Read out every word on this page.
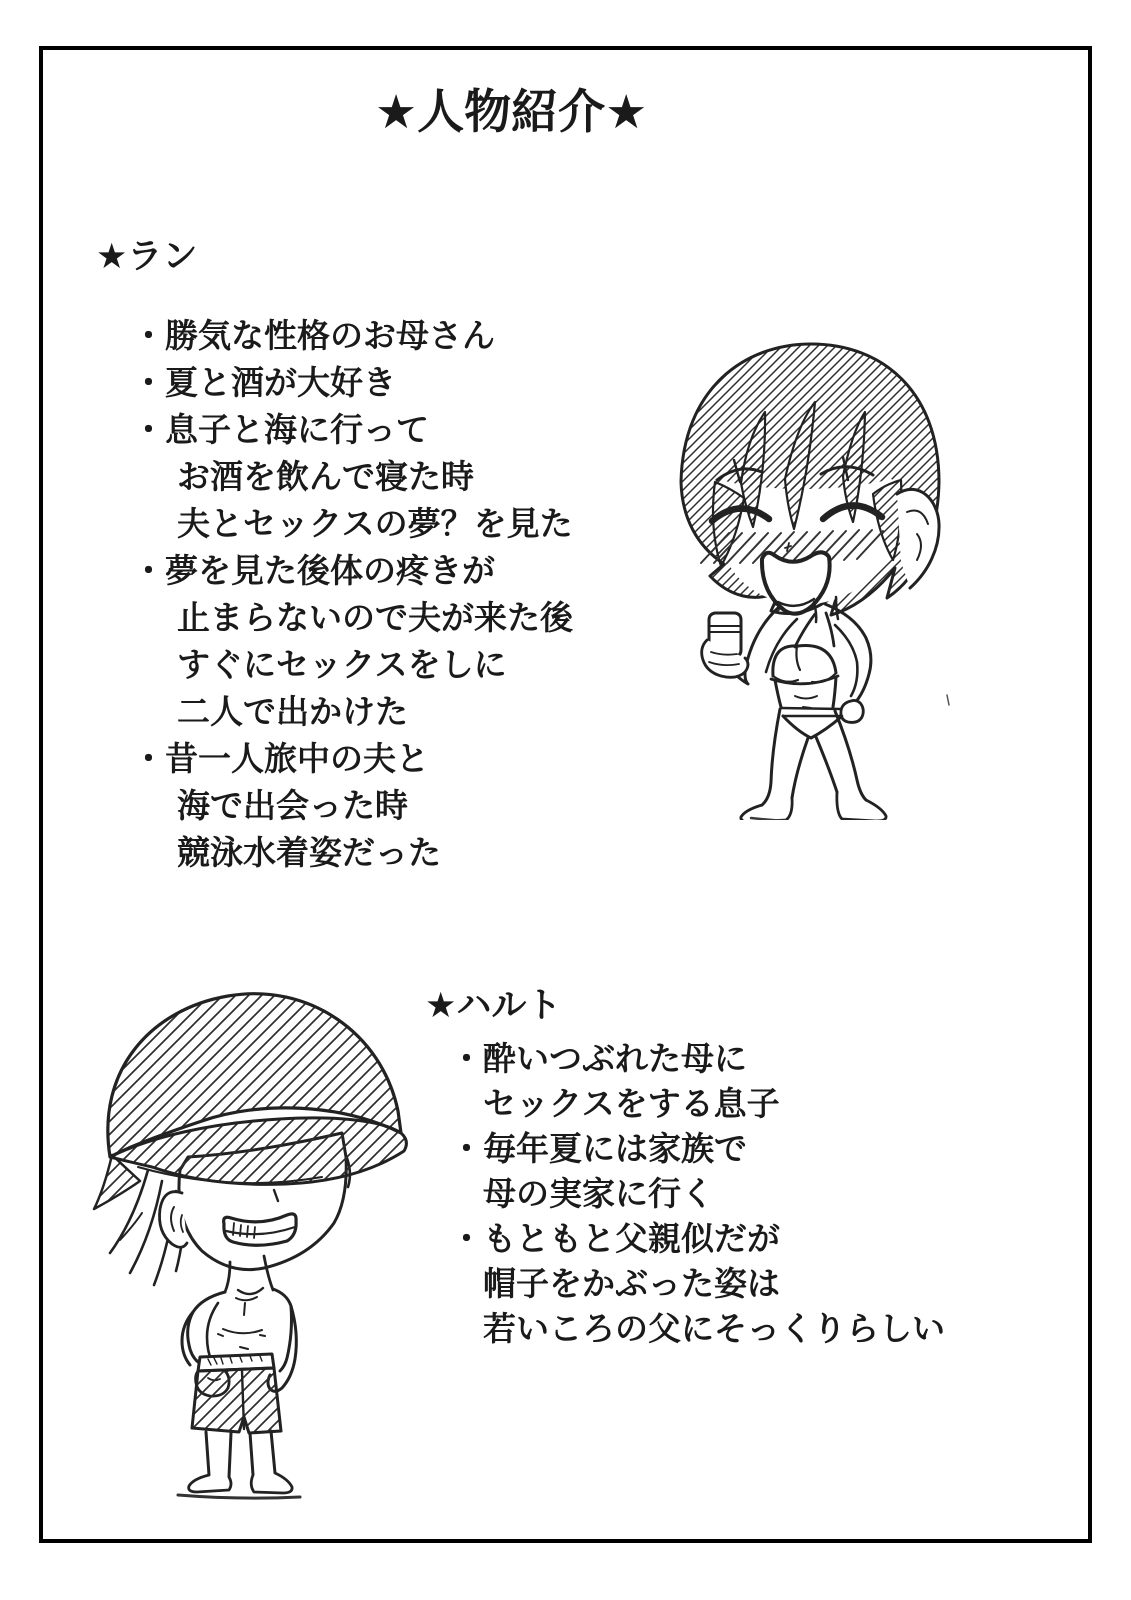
★人物紹介★
★ラン
・勝気な性格のお母さん
・夏と酒が大好き
・息子と海に行って
お酒を飲んで寝た時
夫とセックスの夢？を見た
・夢を見た後体の疼きが
止まらないので夫が来た後
すぐにセックスをしに
二人で出かけた
・昔一人旅中の夫と
海で出会った時
競泳水着姿だった
★ハルト
・酔いつぶれた母に
セックスをする息子
・毎年夏には家族で
母の実家に行く
・もともと父親似だが
帽子をかぶった姿は
若いころの父にそっくりらしい
